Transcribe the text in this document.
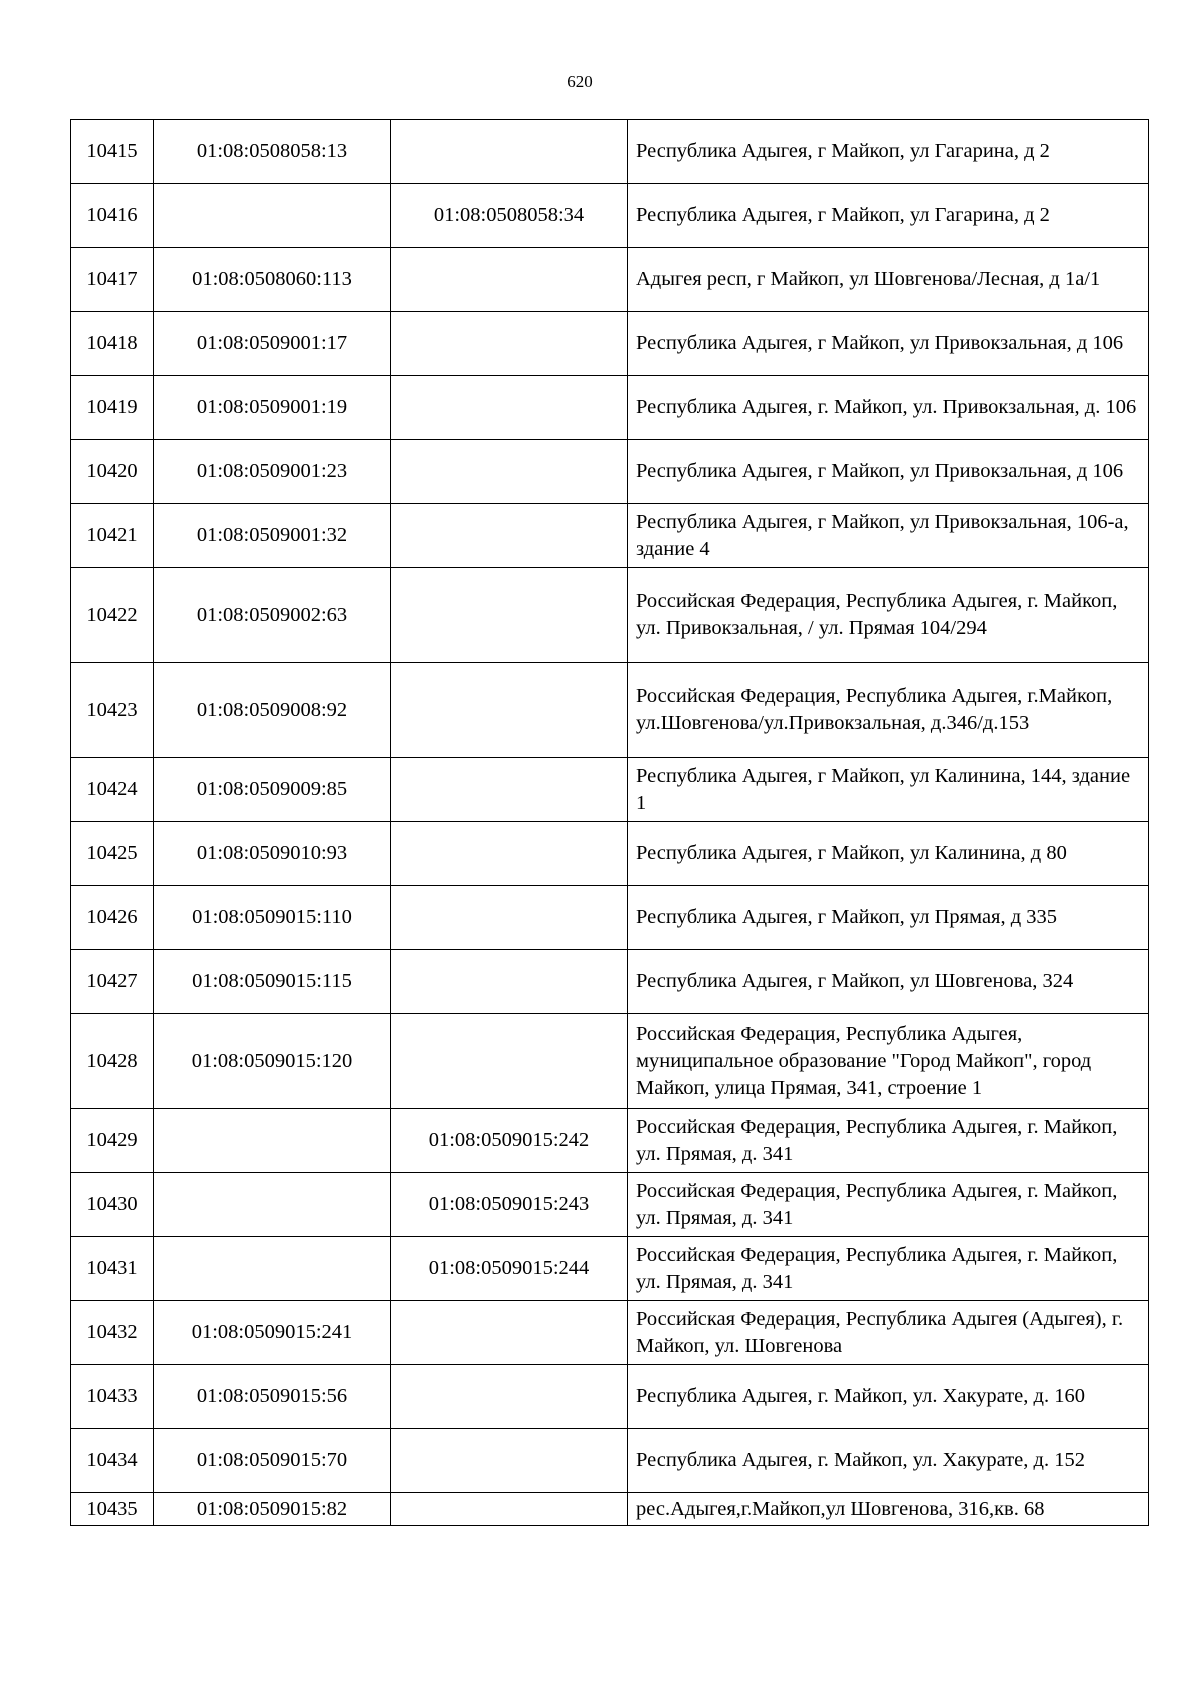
620
10415	01:08:0508058:13		Республика Адыгея, г Майкоп, ул Гагарина, д 2
10416		01:08:0508058:34	Республика Адыгея, г Майкоп, ул Гагарина, д 2
10417	01:08:0508060:113		Адыгея респ, г Майкоп, ул Шовгенова/Лесная, д 1а/1
10418	01:08:0509001:17		Республика Адыгея, г Майкоп, ул Привокзальная, д 106
10419	01:08:0509001:19		Республика Адыгея, г. Майкоп, ул. Привокзальная, д. 106
10420	01:08:0509001:23		Республика Адыгея, г Майкоп, ул Привокзальная, д 106
10421	01:08:0509001:32		Республика Адыгея, г Майкоп, ул Привокзальная, 106-а, здание 4
10422	01:08:0509002:63		Российская Федерация, Республика Адыгея, г. Майкоп, ул. Привокзальная, / ул. Прямая 104/294
10423	01:08:0509008:92		Российская Федерация, Республика Адыгея, г.Майкоп, ул.Шовгенова/ул.Привокзальная, д.346/д.153
10424	01:08:0509009:85		Республика Адыгея, г Майкоп, ул Калинина, 144, здание 1
10425	01:08:0509010:93		Республика Адыгея, г Майкоп, ул Калинина, д 80
10426	01:08:0509015:110		Республика Адыгея, г Майкоп, ул Прямая, д 335
10427	01:08:0509015:115		Республика Адыгея, г Майкоп, ул Шовгенова, 324
10428	01:08:0509015:120		Российская Федерация, Республика Адыгея, муниципальное образование "Город Майкоп", город Майкоп, улица Прямая, 341, строение 1
10429		01:08:0509015:242	Российская Федерация, Республика Адыгея, г. Майкоп, ул. Прямая, д. 341
10430		01:08:0509015:243	Российская Федерация, Республика Адыгея, г. Майкоп, ул. Прямая, д. 341
10431		01:08:0509015:244	Российская Федерация, Республика Адыгея, г. Майкоп, ул. Прямая, д. 341
10432	01:08:0509015:241		Российская Федерация, Республика Адыгея (Адыгея), г. Майкоп, ул. Шовгенова
10433	01:08:0509015:56		Республика Адыгея, г. Майкоп, ул. Хакурате, д. 160
10434	01:08:0509015:70		Республика Адыгея, г. Майкоп, ул. Хакурате, д. 152
10435	01:08:0509015:82		рес.Адыгея,г.Майкоп,ул Шовгенова, 316,кв. 68
